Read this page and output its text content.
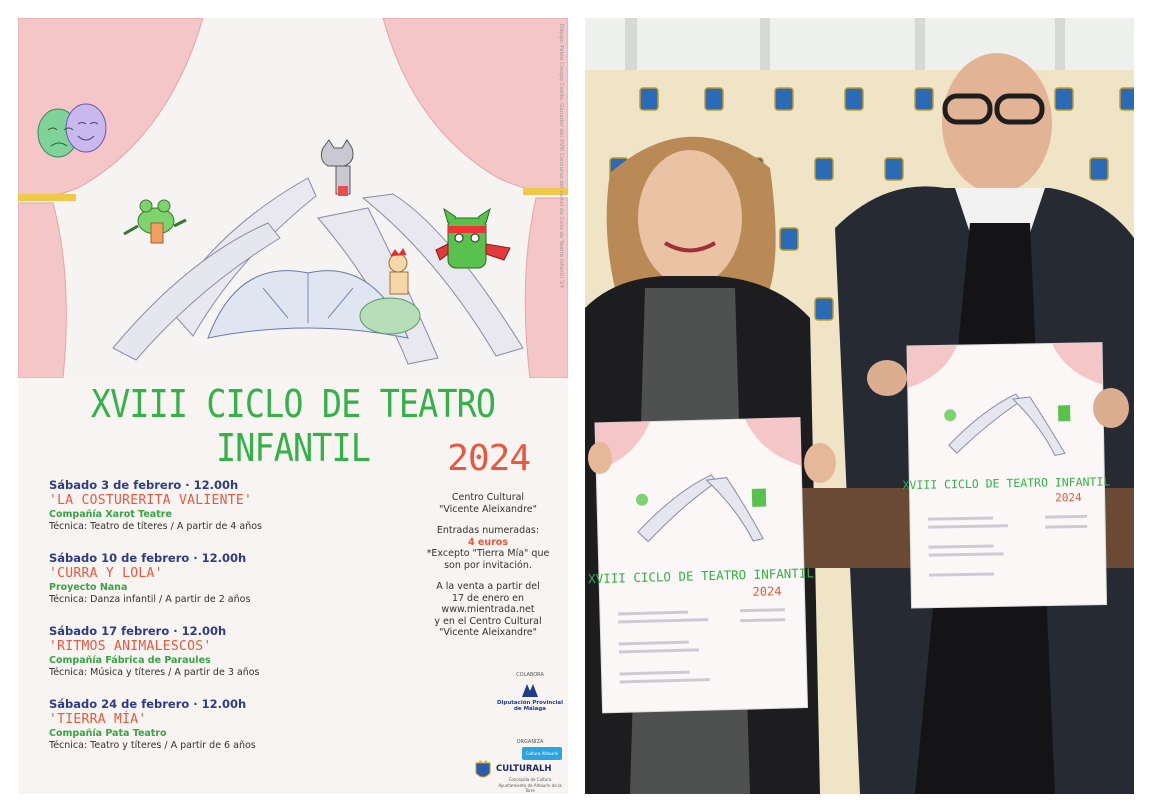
Dibujo: Pablo Crespo Coello, Ganador del XVIII Concurso del cartel de Ciclo de Teatro Infantil '24
XVIII CICLO DE TEATRO INFANTIL	2024
Sábado 3 de febrero · 12.00h
'LA COSTURERITA VALIENTE'
Compañía Xarot Teatre
Técnica: Teatro de títeres / A partir de 4 años
Sábado 10 de febrero · 12.00h
'CURRA Y LOLA'
Proyecto Nana
Técnica: Danza infantil / A partir de 2 años
Sábado 17 febrero · 12.00h
'RITMOS ANIMALESCOS'
Compañía Fábrica de Paraules
Técnica: Música y títeres / A partir de 3 años
Sábado 24 de febrero · 12.00h
'TIERRA MÍA'
Compañía Pata Teatro
Técnica: Teatro y títeres / A partir de 6 años
Centro Cultural
"Vicente Aleixandre"
Entradas numeradas:
4 euros
*Excepto "Tierra Mía" que
son por invitación.
A la venta a partir del
17 de enero en
www.mientrada.net
y en el Centro Cultural
"Vicente Aleixandre"
COLABORA
Diputación Provincial
de Málaga
ORGANIZA
Cultura Alhaurín
CULTURALH
Concejalía de Cultura
Ayuntamiento de Alhaurín de la Torre
XVIII CICLO DE TEATRO INFANTIL
2024
XVIII CICLO DE TEATRO INFANTIL
2024
